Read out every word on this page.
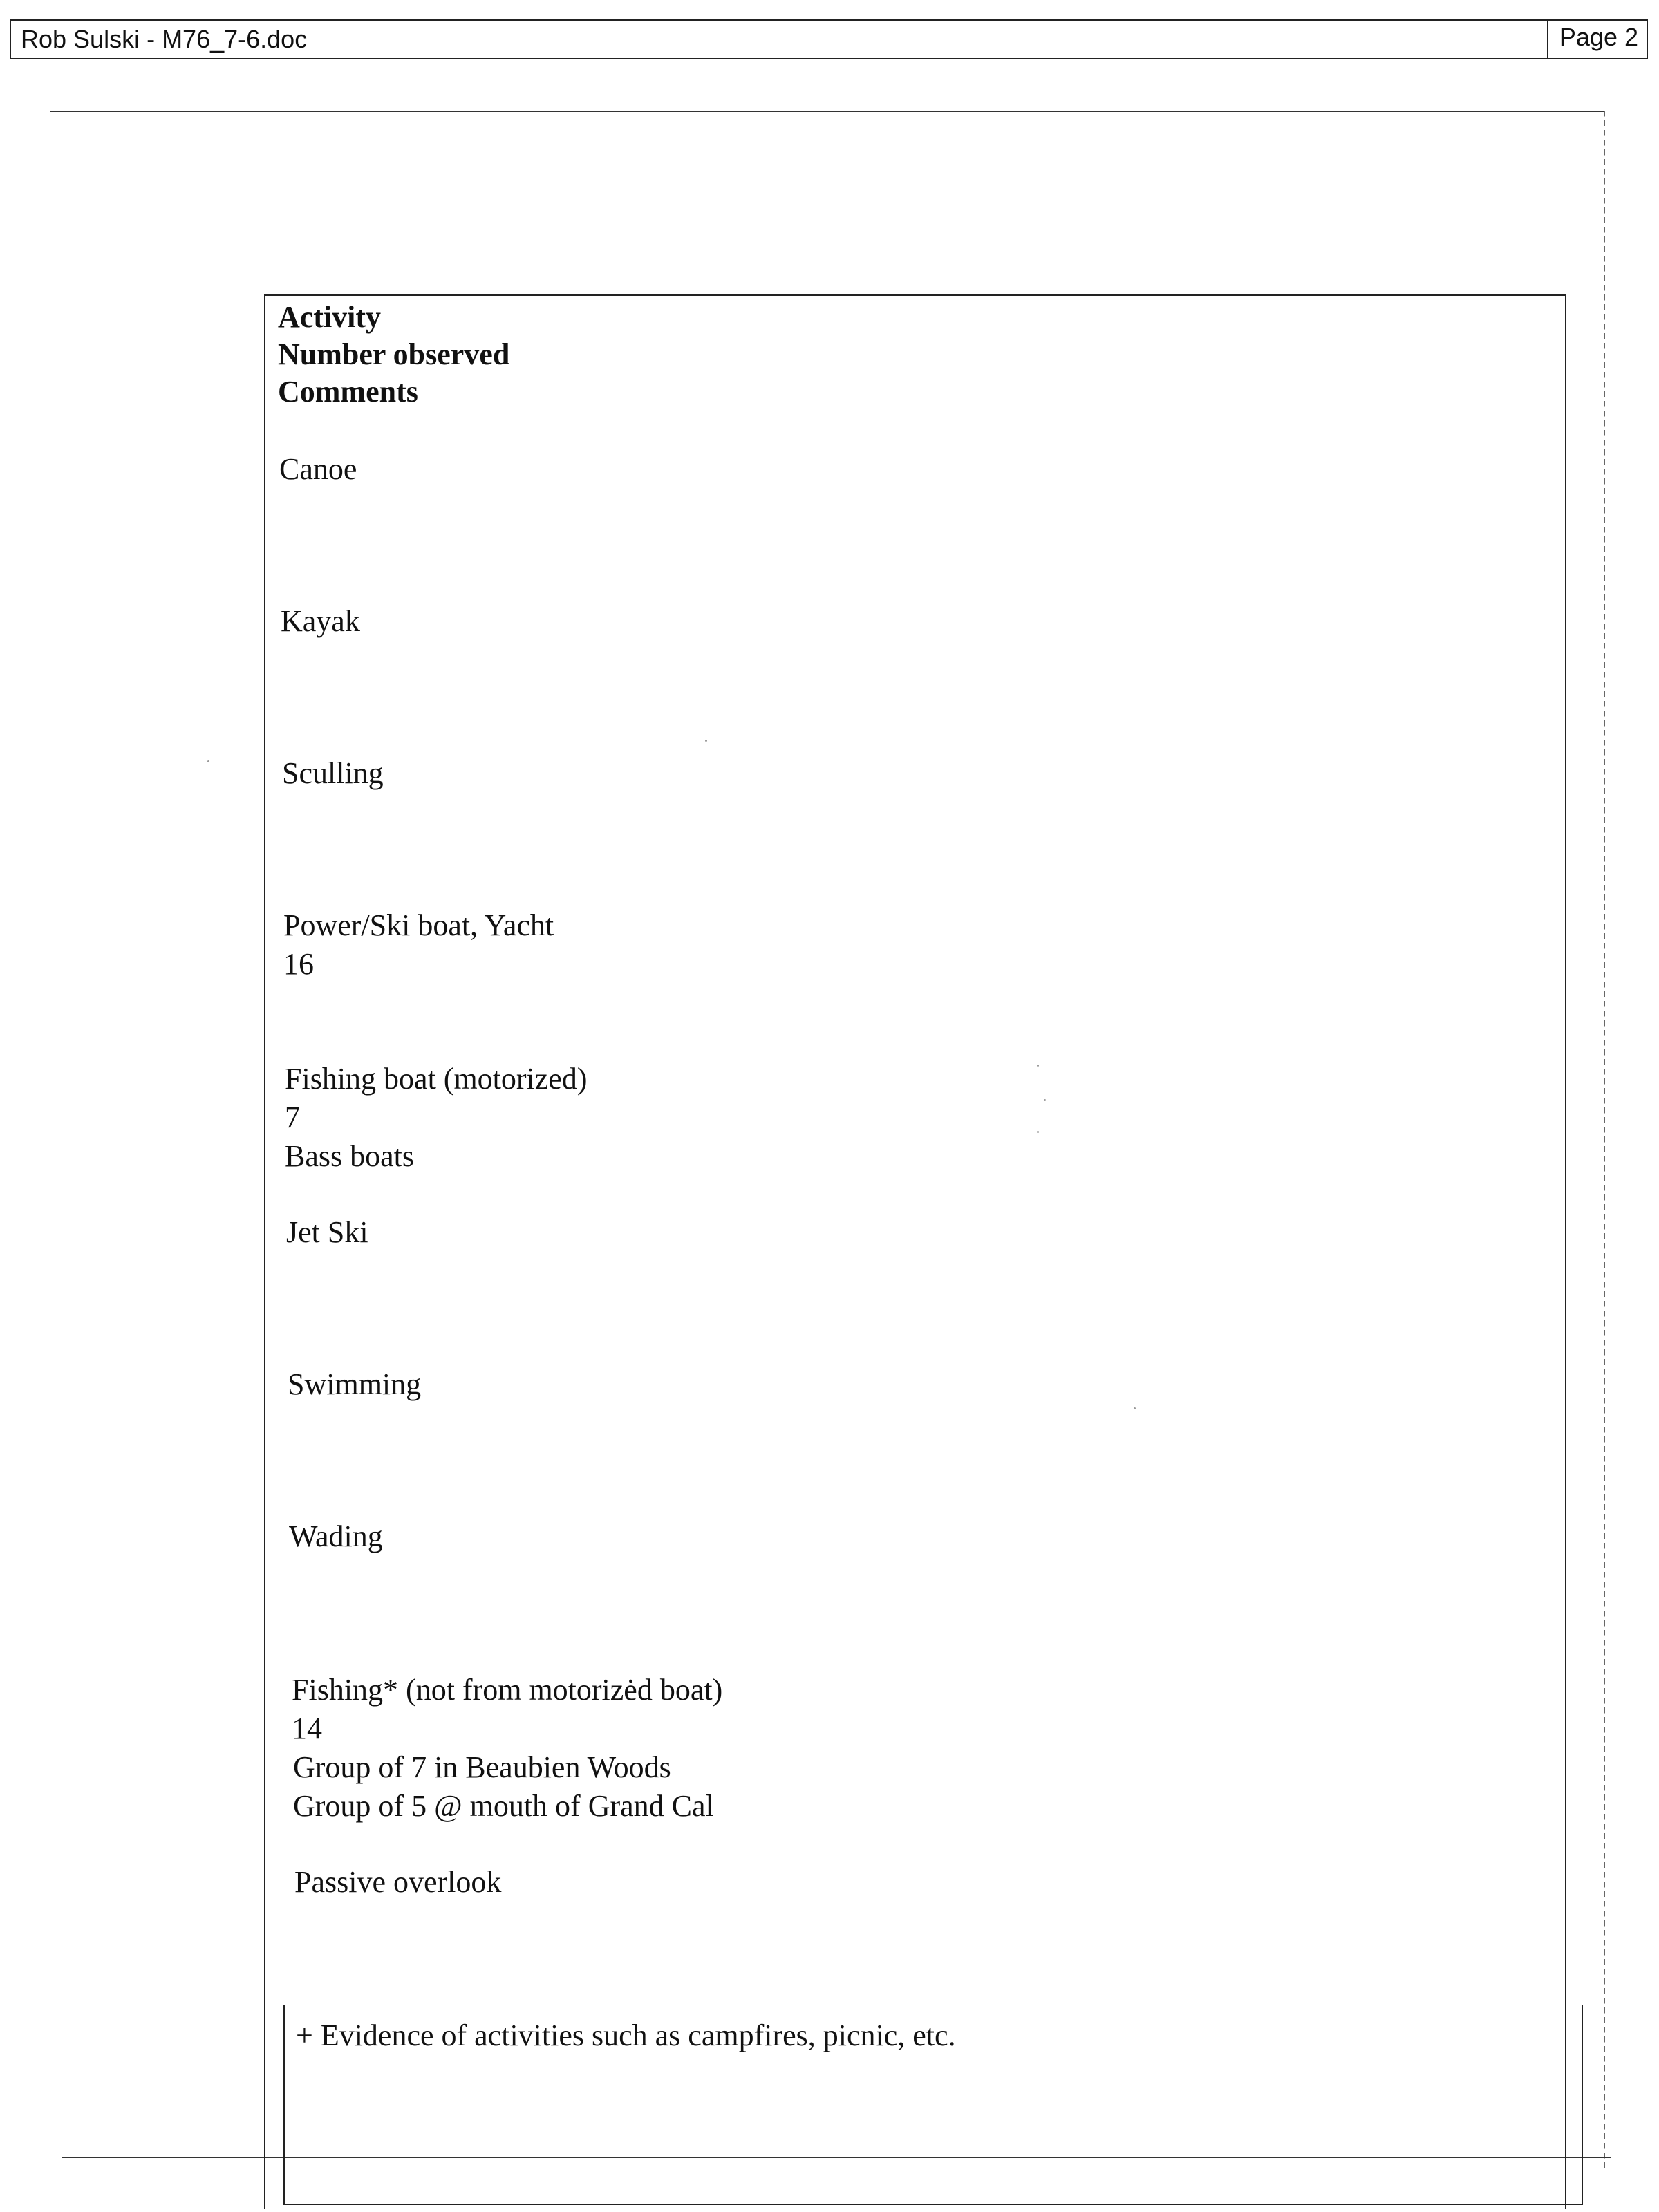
Rob Sulski - M76_7-6.doc	Page 2
Activity
Number observed
Comments
Canoe
Kayak
Sculling
Power/Ski boat, Yacht
16
Fishing boat (motorized)
7
Bass boats
Jet Ski
Swimming
Wading
Fishing* (not from motorizėd boat)
14
Group of 7 in Beaubien Woods
Group of 5 @ mouth of Grand Cal
Passive overlook
+ Evidence of activities such as campfires, picnic, etc.
